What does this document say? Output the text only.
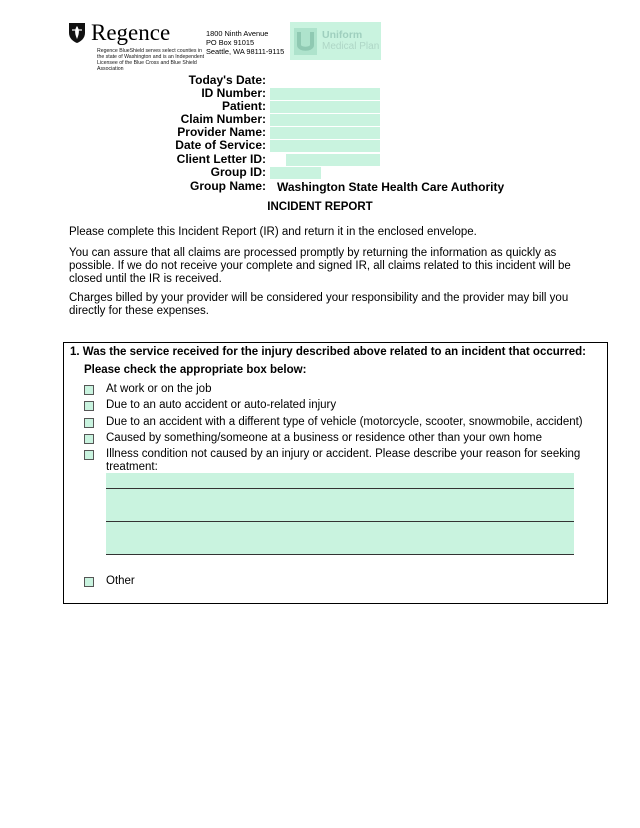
Regence
Regence BlueShield serves select counties in the state of Washington and is an Independent Licensee of the Blue Cross and Blue Shield Association
1800 Ninth Avenue
PO Box 91015
Seattle, WA 98111-9115
Uniform
Medical Plan
Today's Date:
ID Number:
Patient:
Claim Number:
Provider Name:
Date of Service:
Client Letter ID:
Group ID:
Group Name: Washington State Health Care Authority
INCIDENT REPORT
Please complete this Incident Report (IR) and return it in the enclosed envelope.
You can assure that all claims are processed promptly by returning the information as quickly as possible. If we do not receive your complete and signed IR, all claims related to this incident will be closed until the IR is received.
Charges billed by your provider will be considered your responsibility and the provider may bill you directly for these expenses.
1. Was the service received for the injury described above related to an incident that occurred:
Please check the appropriate box below:
At work or on the job
Due to an auto accident or auto-related injury
Due to an accident with a different type of vehicle (motorcycle, scooter, snowmobile, accident)
Caused by something/someone at a business or residence other than your own home
Illness condition not caused by an injury or accident. Please describe your reason for seeking treatment:
Other
